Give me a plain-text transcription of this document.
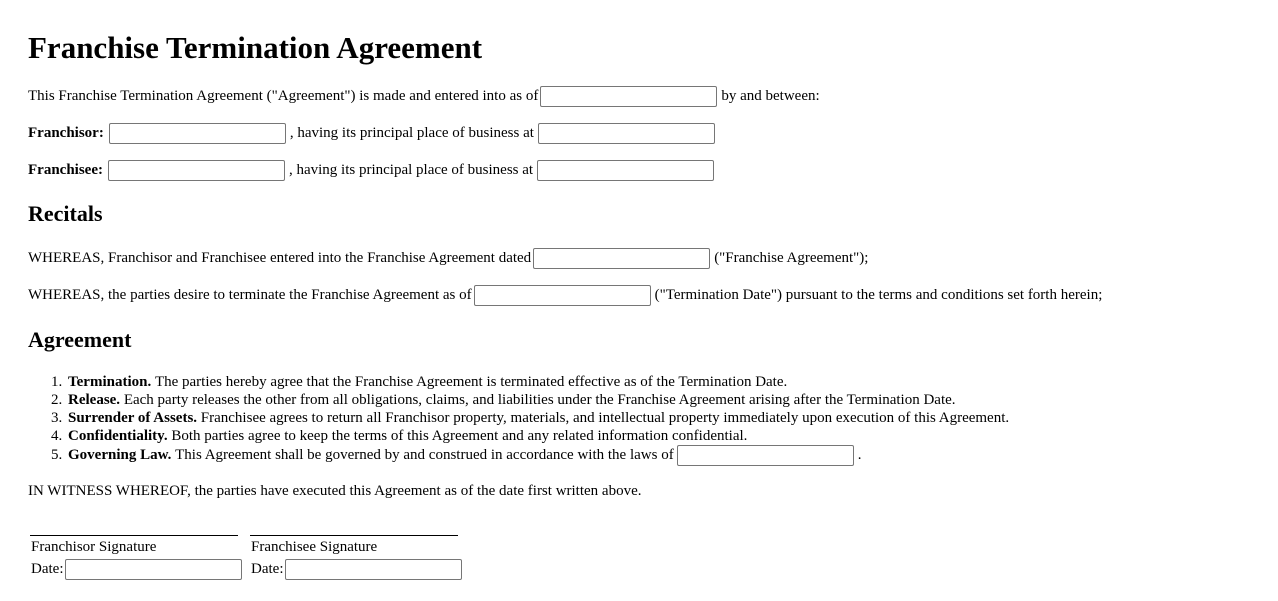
Franchise Termination Agreement
This Franchise Termination Agreement ("Agreement") is made and entered into as of	by and between:
Franchisor:	, having its principal place of business at
Franchisee:	, having its principal place of business at
Recitals
WHEREAS, Franchisor and Franchisee entered into the Franchise Agreement dated	("Franchise Agreement");
WHEREAS, the parties desire to terminate the Franchise Agreement as of	("Termination Date") pursuant to the terms and conditions set forth herein;
Agreement
1. Termination.
The parties hereby agree that the Franchise Agreement is terminated effective as of the Termination Date.
2. Release.
Each party releases the other from all obligations, claims, and liabilities under the Franchise Agreement arising after the Termination Date.
3. Surrender of Assets.
Franchisee agrees to return all Franchisor property, materials, and intellectual property immediately upon execution of this Agreement.
4. Confidentiality.
Both parties agree to keep the terms of this Agreement and any related information confidential.
5. Governing Law.
This Agreement shall be governed by and construed in accordance with the laws of	.
IN WITNESS WHEREOF, the parties have executed this Agreement as of the date first written above.
Franchisor Signature
Date:
Franchisee Signature
Date:
